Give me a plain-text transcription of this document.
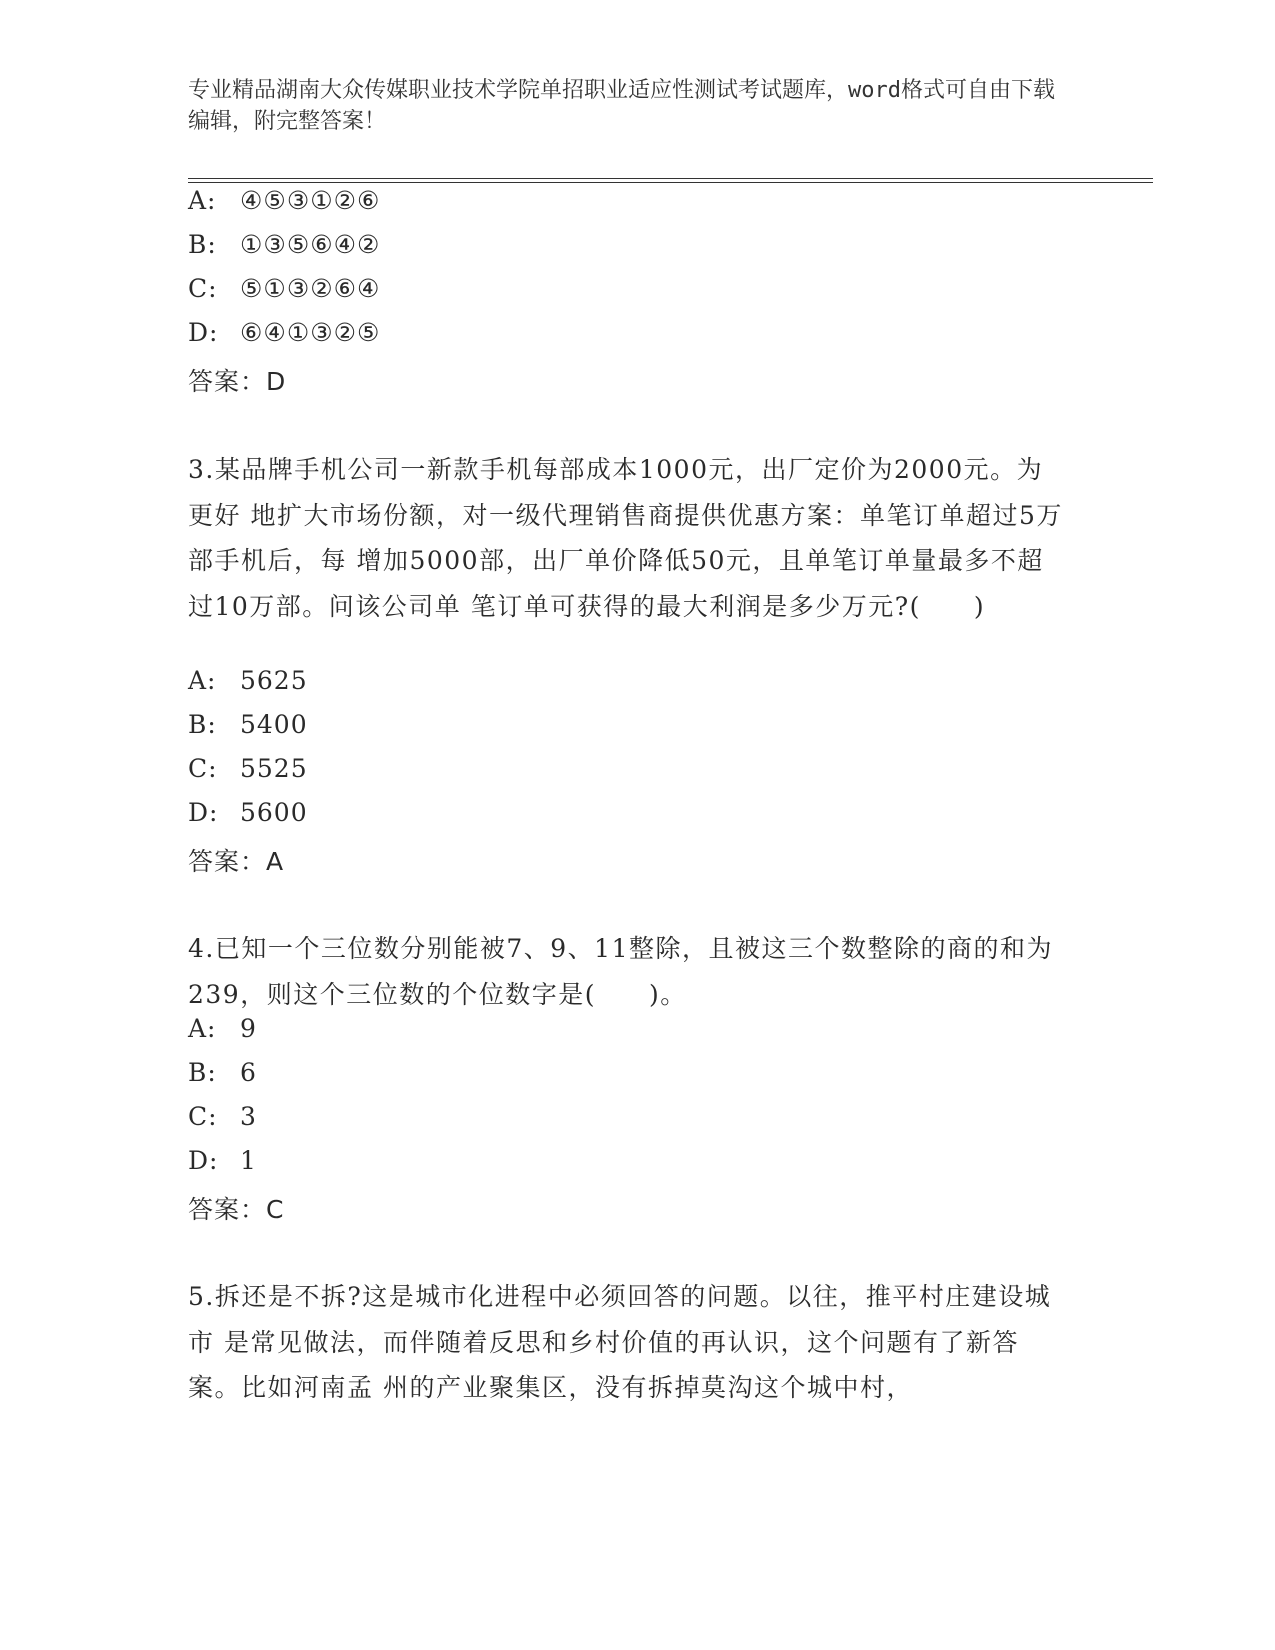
专业精品湖南大众传媒职业技术学院单招职业适应性测试考试题库，word格式可自由下载编辑，附完整答案！
A: ④⑤③①②⑥
B: ①③⑤⑥④②
C: ⑤①③②⑥④
D: ⑥④①③②⑤
答案：D
3.某品牌手机公司一新款手机每部成本1000元，出厂定价为2000元。为更好 地扩大市场份额，对一级代理销售商提供优惠方案：单笔订单超过5万部手机后，每 增加5000部，出厂单价降低50元，且单笔订单量最多不超过10万部。问该公司单 笔订单可获得的最大利润是多少万元?(　　)
A: 5625
B: 5400
C: 5525
D: 5600
答案：A
4.已知一个三位数分别能被7、9、11整除，且被这三个数整除的商的和为239，则这个三位数的个位数字是(　　)。
A: 9
B: 6
C: 3
D: 1
答案：C
5.拆还是不拆?这是城市化进程中必须回答的问题。以往，推平村庄建设城市 是常见做法，而伴随着反思和乡村价值的再认识，这个问题有了新答案。比如河南孟 州的产业聚集区，没有拆掉莫沟这个城中村，
